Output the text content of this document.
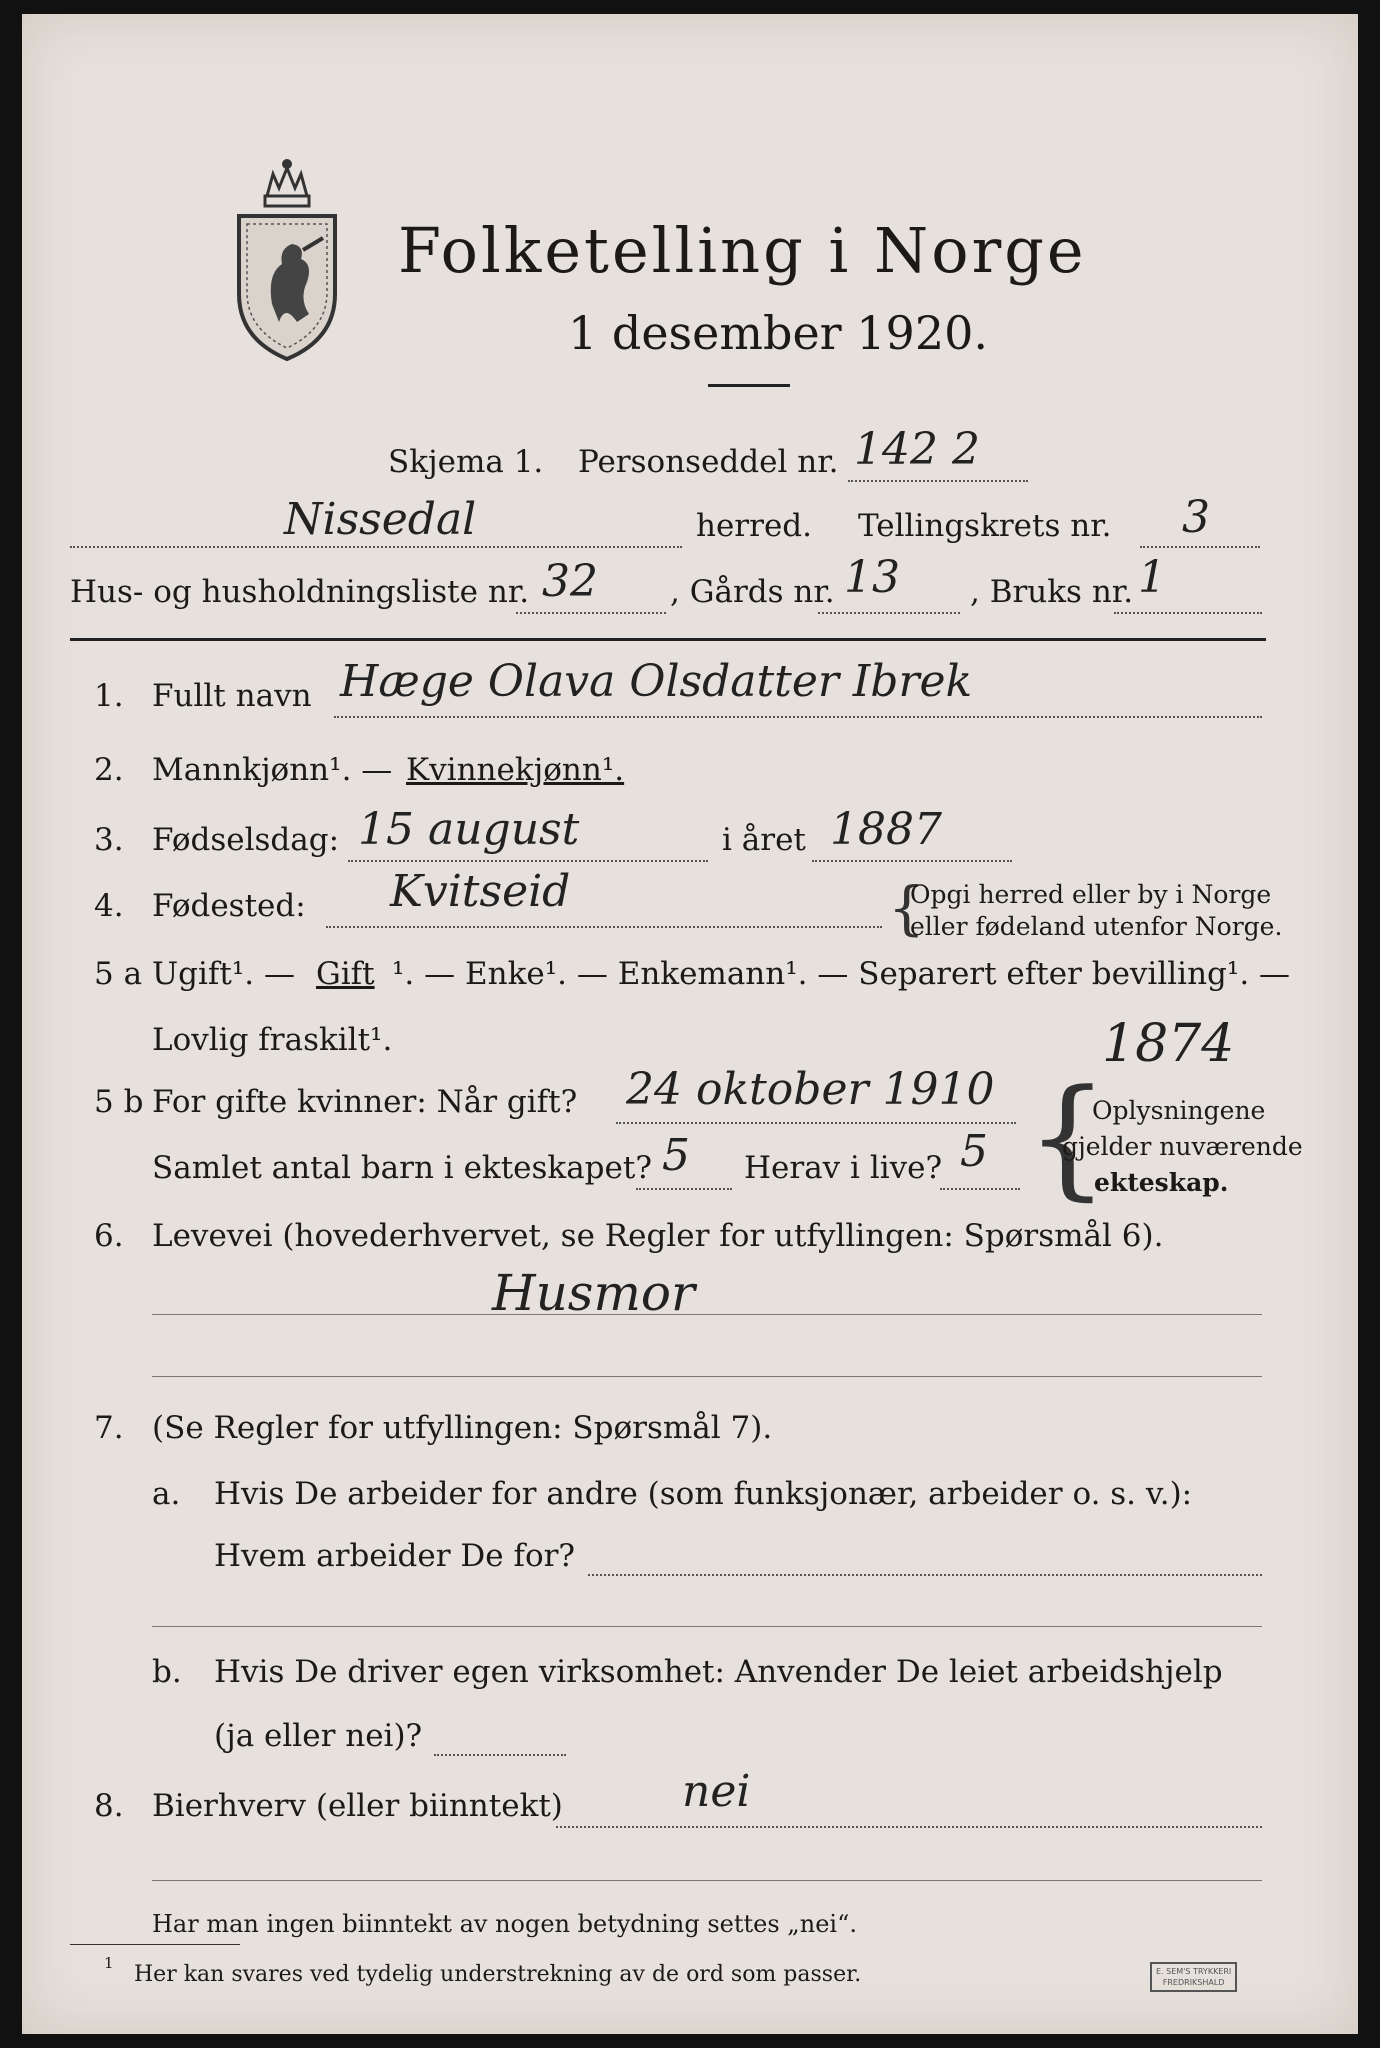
Folketelling i Norge
1 desember 1920.
Skjema 1. Personseddel nr. 142 2
Nissedal	herred. Tellingskrets nr. 3
Hus- og husholdningsliste nr. 32 , Gårds nr. 13 , Bruks nr. 1
1. Fullt navn Hæge Olava Olsdatter Ibrek
2. Mannkjønn¹. — Kvinnekjønn¹.
3. Fødselsdag: 15 august	i året 1887
4. Fødested: Kvitseid	{
Opgi herred eller by i Norge
eller fødeland utenfor Norge.
5 a Ugift¹. — Gift ¹. — Enke¹. — Enkemann¹. — Separert efter bevilling¹. —
Lovlig fraskilt¹.	1874
5 b For gifte kvinner: Når gift? 24 oktober 1910
Samlet antal barn i ekteskapet? 5 Herav i live? 5 {
Oplysningene
gjelder nuværende
ekteskap.
6. Levevei (hovederhvervet, se Regler for utfyllingen: Spørsmål 6).
Husmor
7. (Se Regler for utfyllingen: Spørsmål 7).
a. Hvis De arbeider for andre (som funksjonær, arbeider o. s. v.):
Hvem arbeider De for?
b. Hvis De driver egen virksomhet: Anvender De leiet arbeidshjelp
(ja eller nei)?
8. Bierhverv (eller biinntekt)	nei
Har man ingen biinntekt av nogen betydning settes „nei“.
1 Her kan svares ved tydelig understrekning av de ord som passer.	E. SEM'S TRYKKERI
FREDRIKSHALD
